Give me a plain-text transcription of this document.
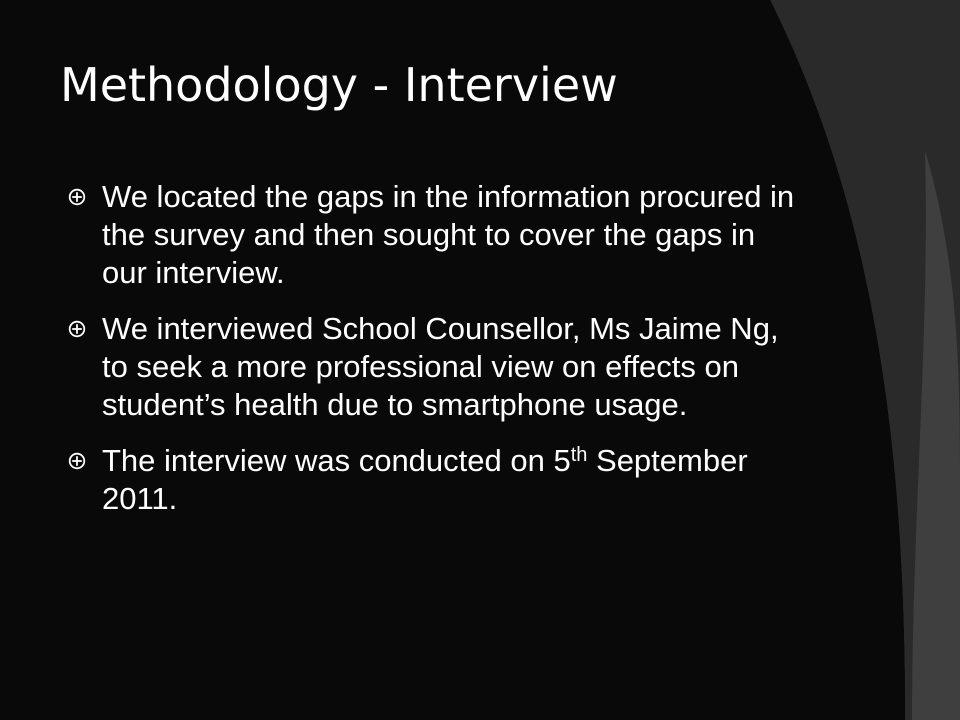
Methodology - Interview
We located the gaps in the information procured in the survey and then sought to cover the gaps in our interview.
We interviewed School Counsellor, Ms Jaime Ng, to seek a more professional view on effects on student’s health due to smartphone usage.
The interview was conducted on 5th September 2011.
